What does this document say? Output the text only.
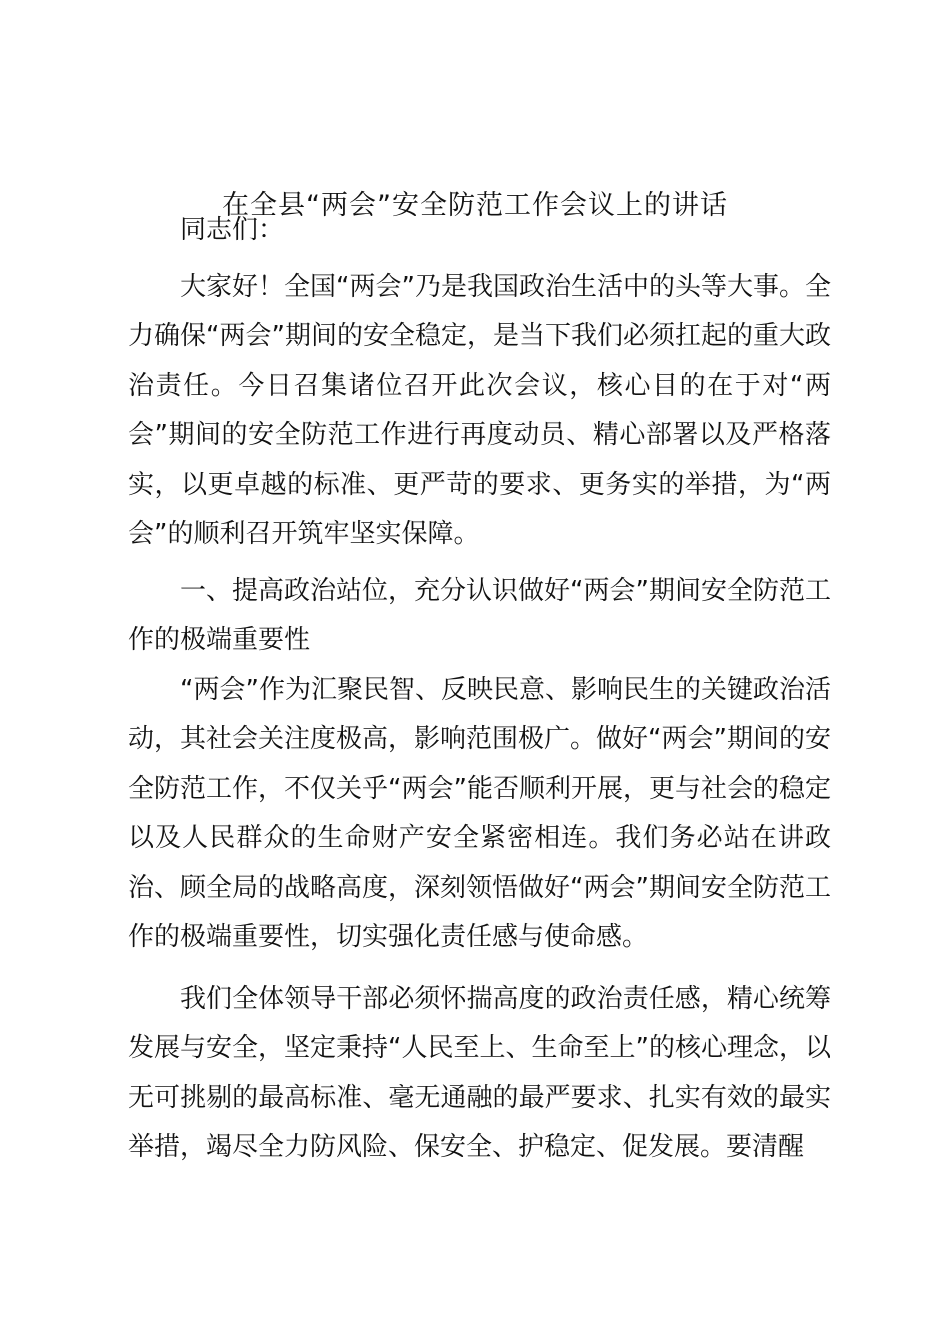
在全县“两会”安全防范工作会议上的讲话

同志们：

大家好！全国“两会”乃是我国政治生活中的头等大事。全力确保“两会”期间的安全稳定，是当下我们必须扛起的重大政治责任。今日召集诸位召开此次会议，核心目的在于对“两会”期间的安全防范工作进行再度动员、精心部署以及严格落实，以更卓越的标准、更严苛的要求、更务实的举措，为“两会”的顺利召开筑牢坚实保障。

一、提高政治站位，充分认识做好“两会”期间安全防范工作的极端重要性

“两会”作为汇聚民智、反映民意、影响民生的关键政治活动，其社会关注度极高，影响范围极广。做好“两会”期间的安全防范工作，不仅关乎“两会”能否顺利开展，更与社会的稳定以及人民群众的生命财产安全紧密相连。我们务必站在讲政治、顾全局的战略高度，深刻领悟做好“两会”期间安全防范工作的极端重要性，切实强化责任感与使命感。

我们全体领导干部必须怀揣高度的政治责任感，精心统筹发展与安全，坚定秉持“人民至上、生命至上”的核心理念，以无可挑剔的最高标准、毫无通融的最严要求、扎实有效的最实举措，竭尽全力防风险、保安全、护稳定、促发展。要清醒
